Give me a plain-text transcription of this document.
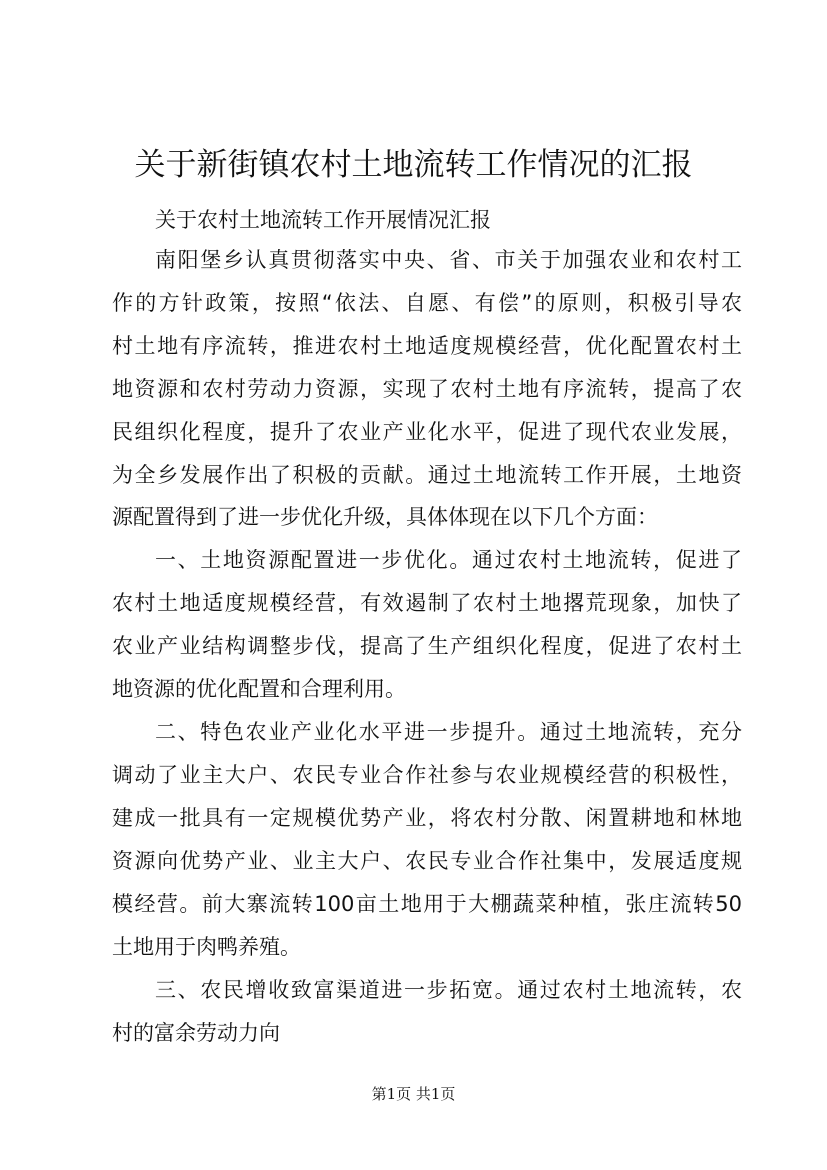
关于新街镇农村土地流转工作情况的汇报
关于农村土地流转工作开展情况汇报
南阳堡乡认真贯彻落实中央、省、市关于加强农业和农村工
作的方针政策，按照“依法、自愿、有偿”的原则，积极引导农
村土地有序流转，推进农村土地适度规模经营，优化配置农村土
地资源和农村劳动力资源，实现了农村土地有序流转，提高了农
民组织化程度，提升了农业产业化水平，促进了现代农业发展，
为全乡发展作出了积极的贡献。通过土地流转工作开展，土地资
源配置得到了进一步优化升级，具体体现在以下几个方面：
一、土地资源配置进一步优化。通过农村土地流转，促进了
农村土地适度规模经营，有效遏制了农村土地撂荒现象，加快了
农业产业结构调整步伐，提高了生产组织化程度，促进了农村土
地资源的优化配置和合理利用。
二、特色农业产业化水平进一步提升。通过土地流转，充分
调动了业主大户、农民专业合作社参与农业规模经营的积极性，
建成一批具有一定规模优势产业，将农村分散、闲置耕地和林地
资源向优势产业、业主大户、农民专业合作社集中，发展适度规
模经营。前大寨流转100亩土地用于大棚蔬菜种植，张庄流转50
土地用于肉鸭养殖。
三、农民增收致富渠道进一步拓宽。通过农村土地流转，农
村的富余劳动力向
第1页 共1页
